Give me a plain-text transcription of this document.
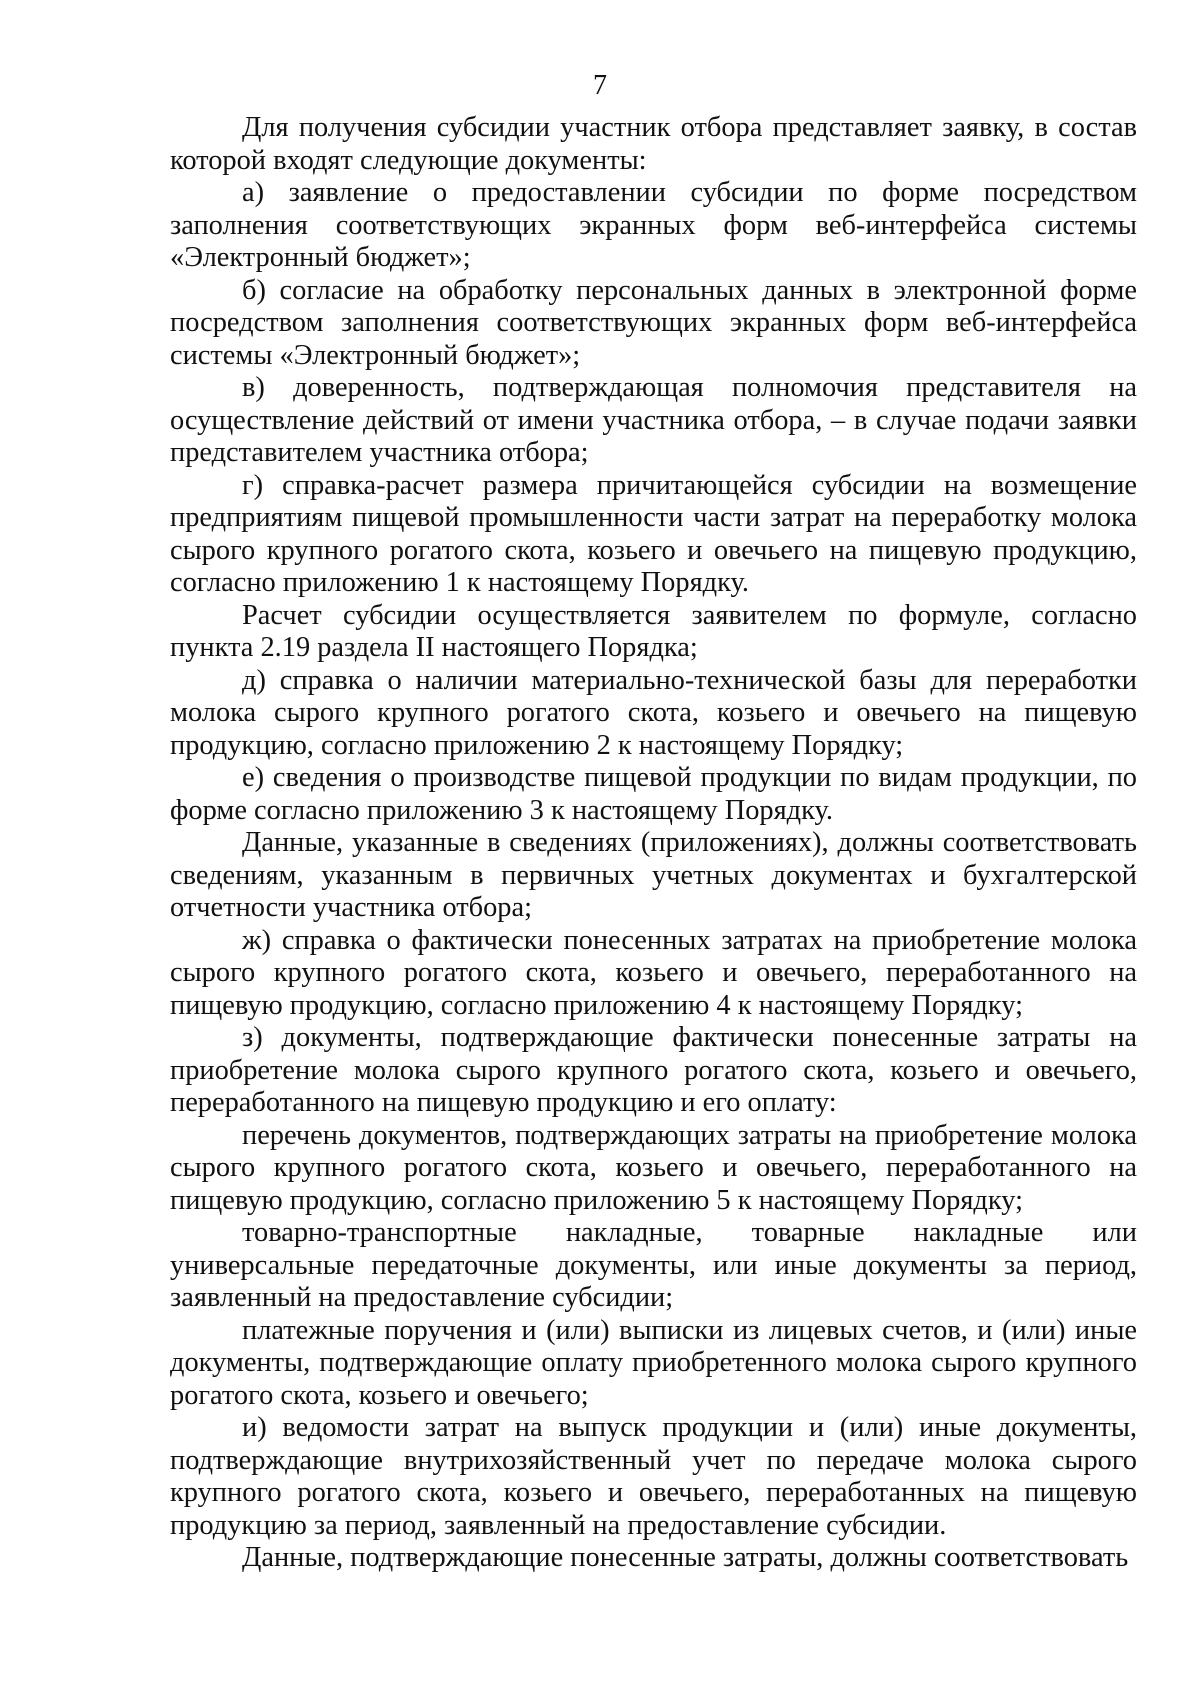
7

Для получения субсидии участник отбора представляет заявку, в состав которой входят следующие документы:

а) заявление о предоставлении субсидии по форме посредством заполнения соответствующих экранных форм веб-интерфейса системы «Электронный бюджет»;

б) согласие на обработку персональных данных в электронной форме посредством заполнения соответствующих экранных форм веб-интерфейса системы «Электронный бюджет»;

в) доверенность, подтверждающая полномочия представителя на осуществление действий от имени участника отбора, – в случае подачи заявки представителем участника отбора;

г) справка-расчет размера причитающейся субсидии на возмещение предприятиям пищевой промышленности части затрат на переработку молока сырого крупного рогатого скота, козьего и овечьего на пищевую продукцию, согласно приложению 1 к настоящему Порядку.

Расчет субсидии осуществляется заявителем по формуле, согласно пункта 2.19 раздела II настоящего Порядка;

д) справка о наличии материально-технической базы для переработки молока сырого крупного рогатого скота, козьего и овечьего на пищевую продукцию, согласно приложению 2 к настоящему Порядку;

е) сведения о производстве пищевой продукции по видам продукции, по форме согласно приложению 3 к настоящему Порядку.

Данные, указанные в сведениях (приложениях), должны соответствовать сведениям, указанным в первичных учетных документах и бухгалтерской отчетности участника отбора;

ж) справка о фактически понесенных затратах на приобретение молока сырого крупного рогатого скота, козьего и овечьего, переработанного на пищевую продукцию, согласно приложению 4 к настоящему Порядку;

з) документы, подтверждающие фактически понесенные затраты на приобретение молока сырого крупного рогатого скота, козьего и овечьего, переработанного на пищевую продукцию и его оплату:

перечень документов, подтверждающих затраты на приобретение молока сырого крупного рогатого скота, козьего и овечьего, переработанного на пищевую продукцию, согласно приложению 5 к настоящему Порядку;

товарно-транспортные накладные, товарные накладные или универсальные передаточные документы, или иные документы за период, заявленный на предоставление субсидии;

платежные поручения и (или) выписки из лицевых счетов, и (или) иные документы, подтверждающие оплату приобретенного молока сырого крупного рогатого скота, козьего и овечьего;

и) ведомости затрат на выпуск продукции и (или) иные документы, подтверждающие внутрихозяйственный учет по передаче молока сырого крупного рогатого скота, козьего и овечьего, переработанных на пищевую продукцию за период, заявленный на предоставление субсидии.

Данные, подтверждающие понесенные затраты, должны соответствовать
